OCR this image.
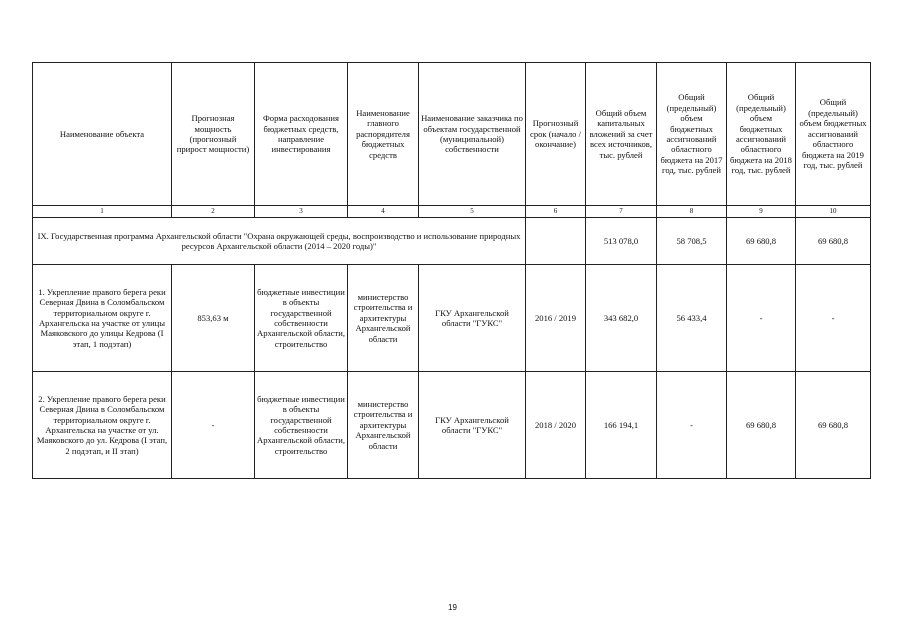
Наименование объекта	Прогнозная мощность (прогнозный прирост мощности)	Форма расходования бюджетных средств, направление инвестирования	Наименование главного распорядителя бюджетных средств	Наименование заказчика по объектам государственной (муниципальной) собственности	Прогнозный срок (начало / окончание)	Общий объем капитальных вложений за счет всех источников, тыс. рублей	Общий (предельный) объем бюджетных ассигнований областного бюджета на 2017 год, тыс. рублей	Общий (предельный) объем бюджетных ассигнований областного бюджета на 2018 год, тыс. рублей	Общий (предельный) объем бюджетных ассигнований областного бюджета на 2019 год, тыс. рублей
1	2	3	4	5	6	7	8	9	10
IX. Государственная программа Архангельской области "Охрана окружающей среды, воспроизводство и использование природных ресурсов Архангельской области (2014 – 2020 годы)"						513 078,0	58 708,5	69 680,8	69 680,8
1. Укрепление правого берега реки Северная Двина в Соломбальском территориальном округе г. Архангельска на участке от улицы Маяковского до улицы Кедрова (I этап, 1 подэтап)	853,63 м	бюджетные инвестиции в объекты государственной собственности Архангельской области, строительство	министерство строительства и архитектуры Архангельской области	ГКУ Архангельской области "ГУКС"	2016 / 2019	343 682,0	56 433,4	-	-
2. Укрепление правого берега реки Северная Двина в Соломбальском территориальном округе г. Архангельска на участке от ул. Маяковского до ул. Кедрова (I этап, 2 подэтап, и II этап)	-	бюджетные инвестиции в объекты государственной собственности Архангельской области, строительство	министерство строительства и архитектуры Архангельской области	ГКУ Архангельской области "ГУКС"	2018 / 2020	166 194,1	-	69 680,8	69 680,8
19
